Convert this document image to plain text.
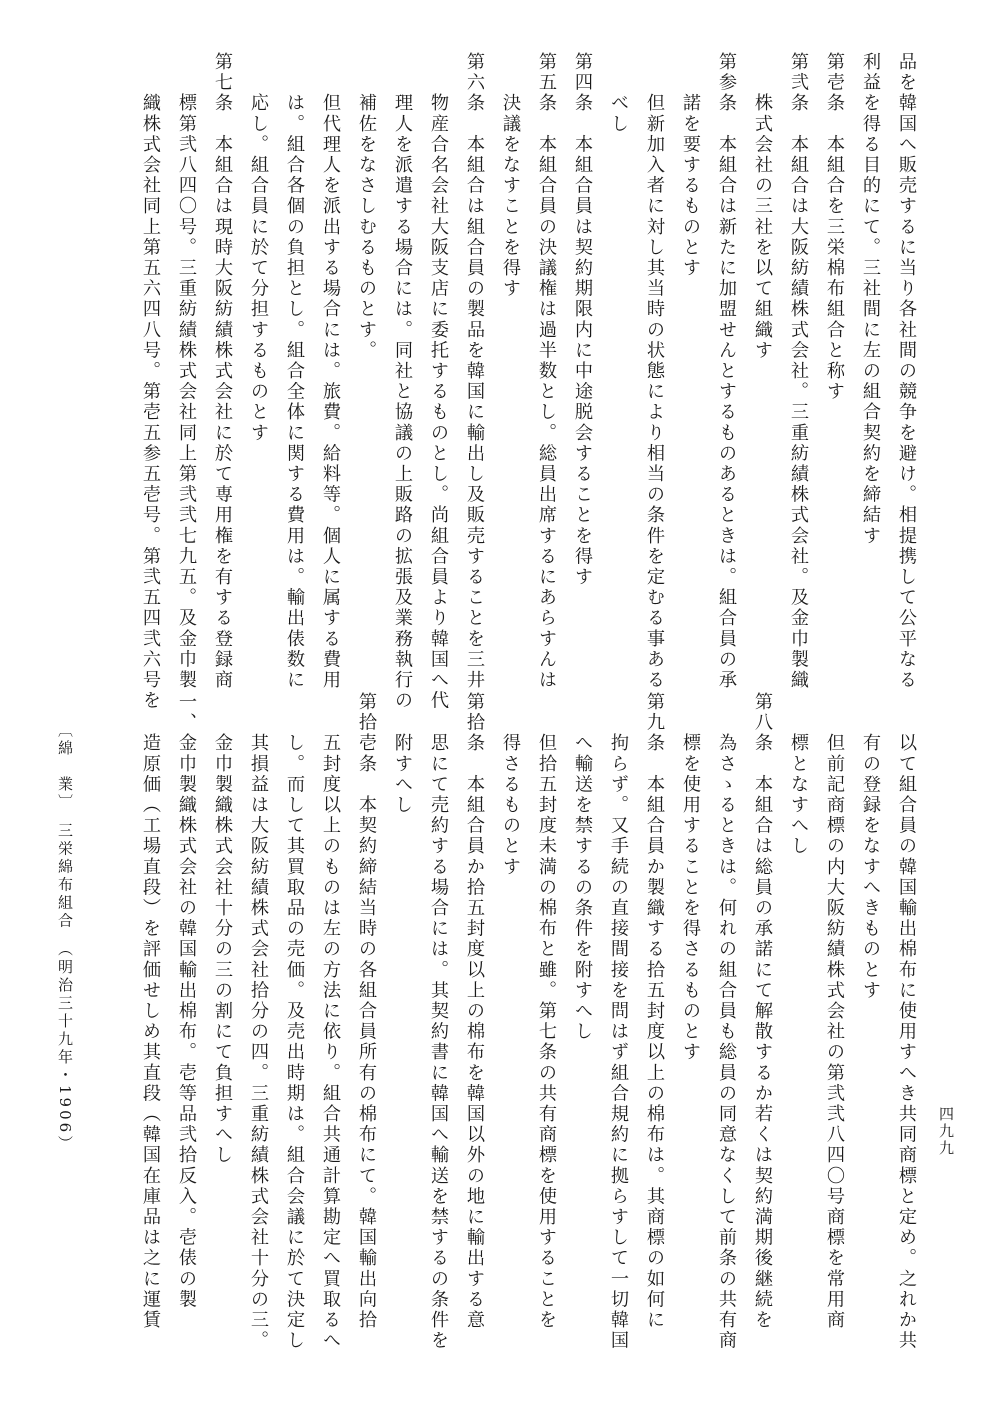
品を韓国へ販売するに当り各社間の競争を避け。相提携して公平なる
利益を得る目的にて。三社間に左の組合契約を締結す
第壱条　本組合を三栄棉布組合と称す
第弐条　本組合は大阪紡績株式会社。三重紡績株式会社。及金巾製織
　　株式会社の三社を以て組織す
第参条　本組合は新たに加盟せんとするものあるときは。組合員の承
　　諾を要するものとす
　　但新加入者に対し其当時の状態により相当の条件を定むる事ある
　　べし
第四条　本組合員は契約期限内に中途脱会することを得す
第五条　本組合員の決議権は過半数とし。総員出席するにあらすんは
　　決議をなすことを得す
第六条　本組合は組合員の製品を韓国に輸出し及販売することを三井
　　物産合名会社大阪支店に委托するものとし。尚組合員より韓国へ代
　　理人を派遣する場合には。同社と協議の上販路の拡張及業務執行の
　　補佐をなさしむるものとす。
　　但代理人を派出する場合には。旅費。給料等。個人に属する費用
　　は。組合各個の負担とし。組合全体に関する費用は。輸出俵数に
　　応し。組合員に於て分担するものとす
第七条　本組合は現時大阪紡績株式会社に於て専用権を有する登録商
　　標第弐八四〇号。三重紡績株式会社同上第弐弐七九五。及金巾製
　　織株式会社同上第五六四八号。第壱五参五壱号。第弐五四弐六号を
　　以て組合員の韓国輸出棉布に使用すへき共同商標と定め。之れか共
　　有の登録をなすへきものとす
　　但前記商標の内大阪紡績株式会社の第弐弐八四〇号商標を常用商
　　標となすへし
第八条　本組合は総員の承諾にて解散するか若くは契約満期後継続を
　　為さゝるときは。何れの組合員も総員の同意なくして前条の共有商
　　標を使用することを得さるものとす
第九条　本組合員か製織する拾五封度以上の棉布は。其商標の如何に
　　拘らず。又手続の直接間接を問はず組合規約に拠らすして一切韓国
　　へ輸送を禁するの条件を附すへし
　　但拾五封度未満の棉布と雖。第七条の共有商標を使用することを
　　得さるものとす
第拾条　本組合員か拾五封度以上の棉布を韓国以外の地に輸出する意
　　思にて売約する場合には。其契約書に韓国へ輸送を禁するの条件を
　　附すへし
第拾壱条　本契約締結当時の各組合員所有の棉布にて。韓国輸出向拾
　　五封度以上のものは左の方法に依り。組合共通計算勘定へ買取るへ
　　し。而して其買取品の売価。及売出時期は。組合会議に於て決定し
　　其損益は大阪紡績株式会社拾分の四。三重紡績株式会社十分の三。
　　金巾製織株式会社十分の三の割にて負担すへし
一、金巾製織株式会社の韓国輸出棉布。壱等品弐拾反入。壱俵の製
　　造原価（工場直段）を評価せしめ其直段（韓国在庫品は之に運賃
〔綿　業〕　三栄綿布組合　（明治三十九年・1906）	四九九
